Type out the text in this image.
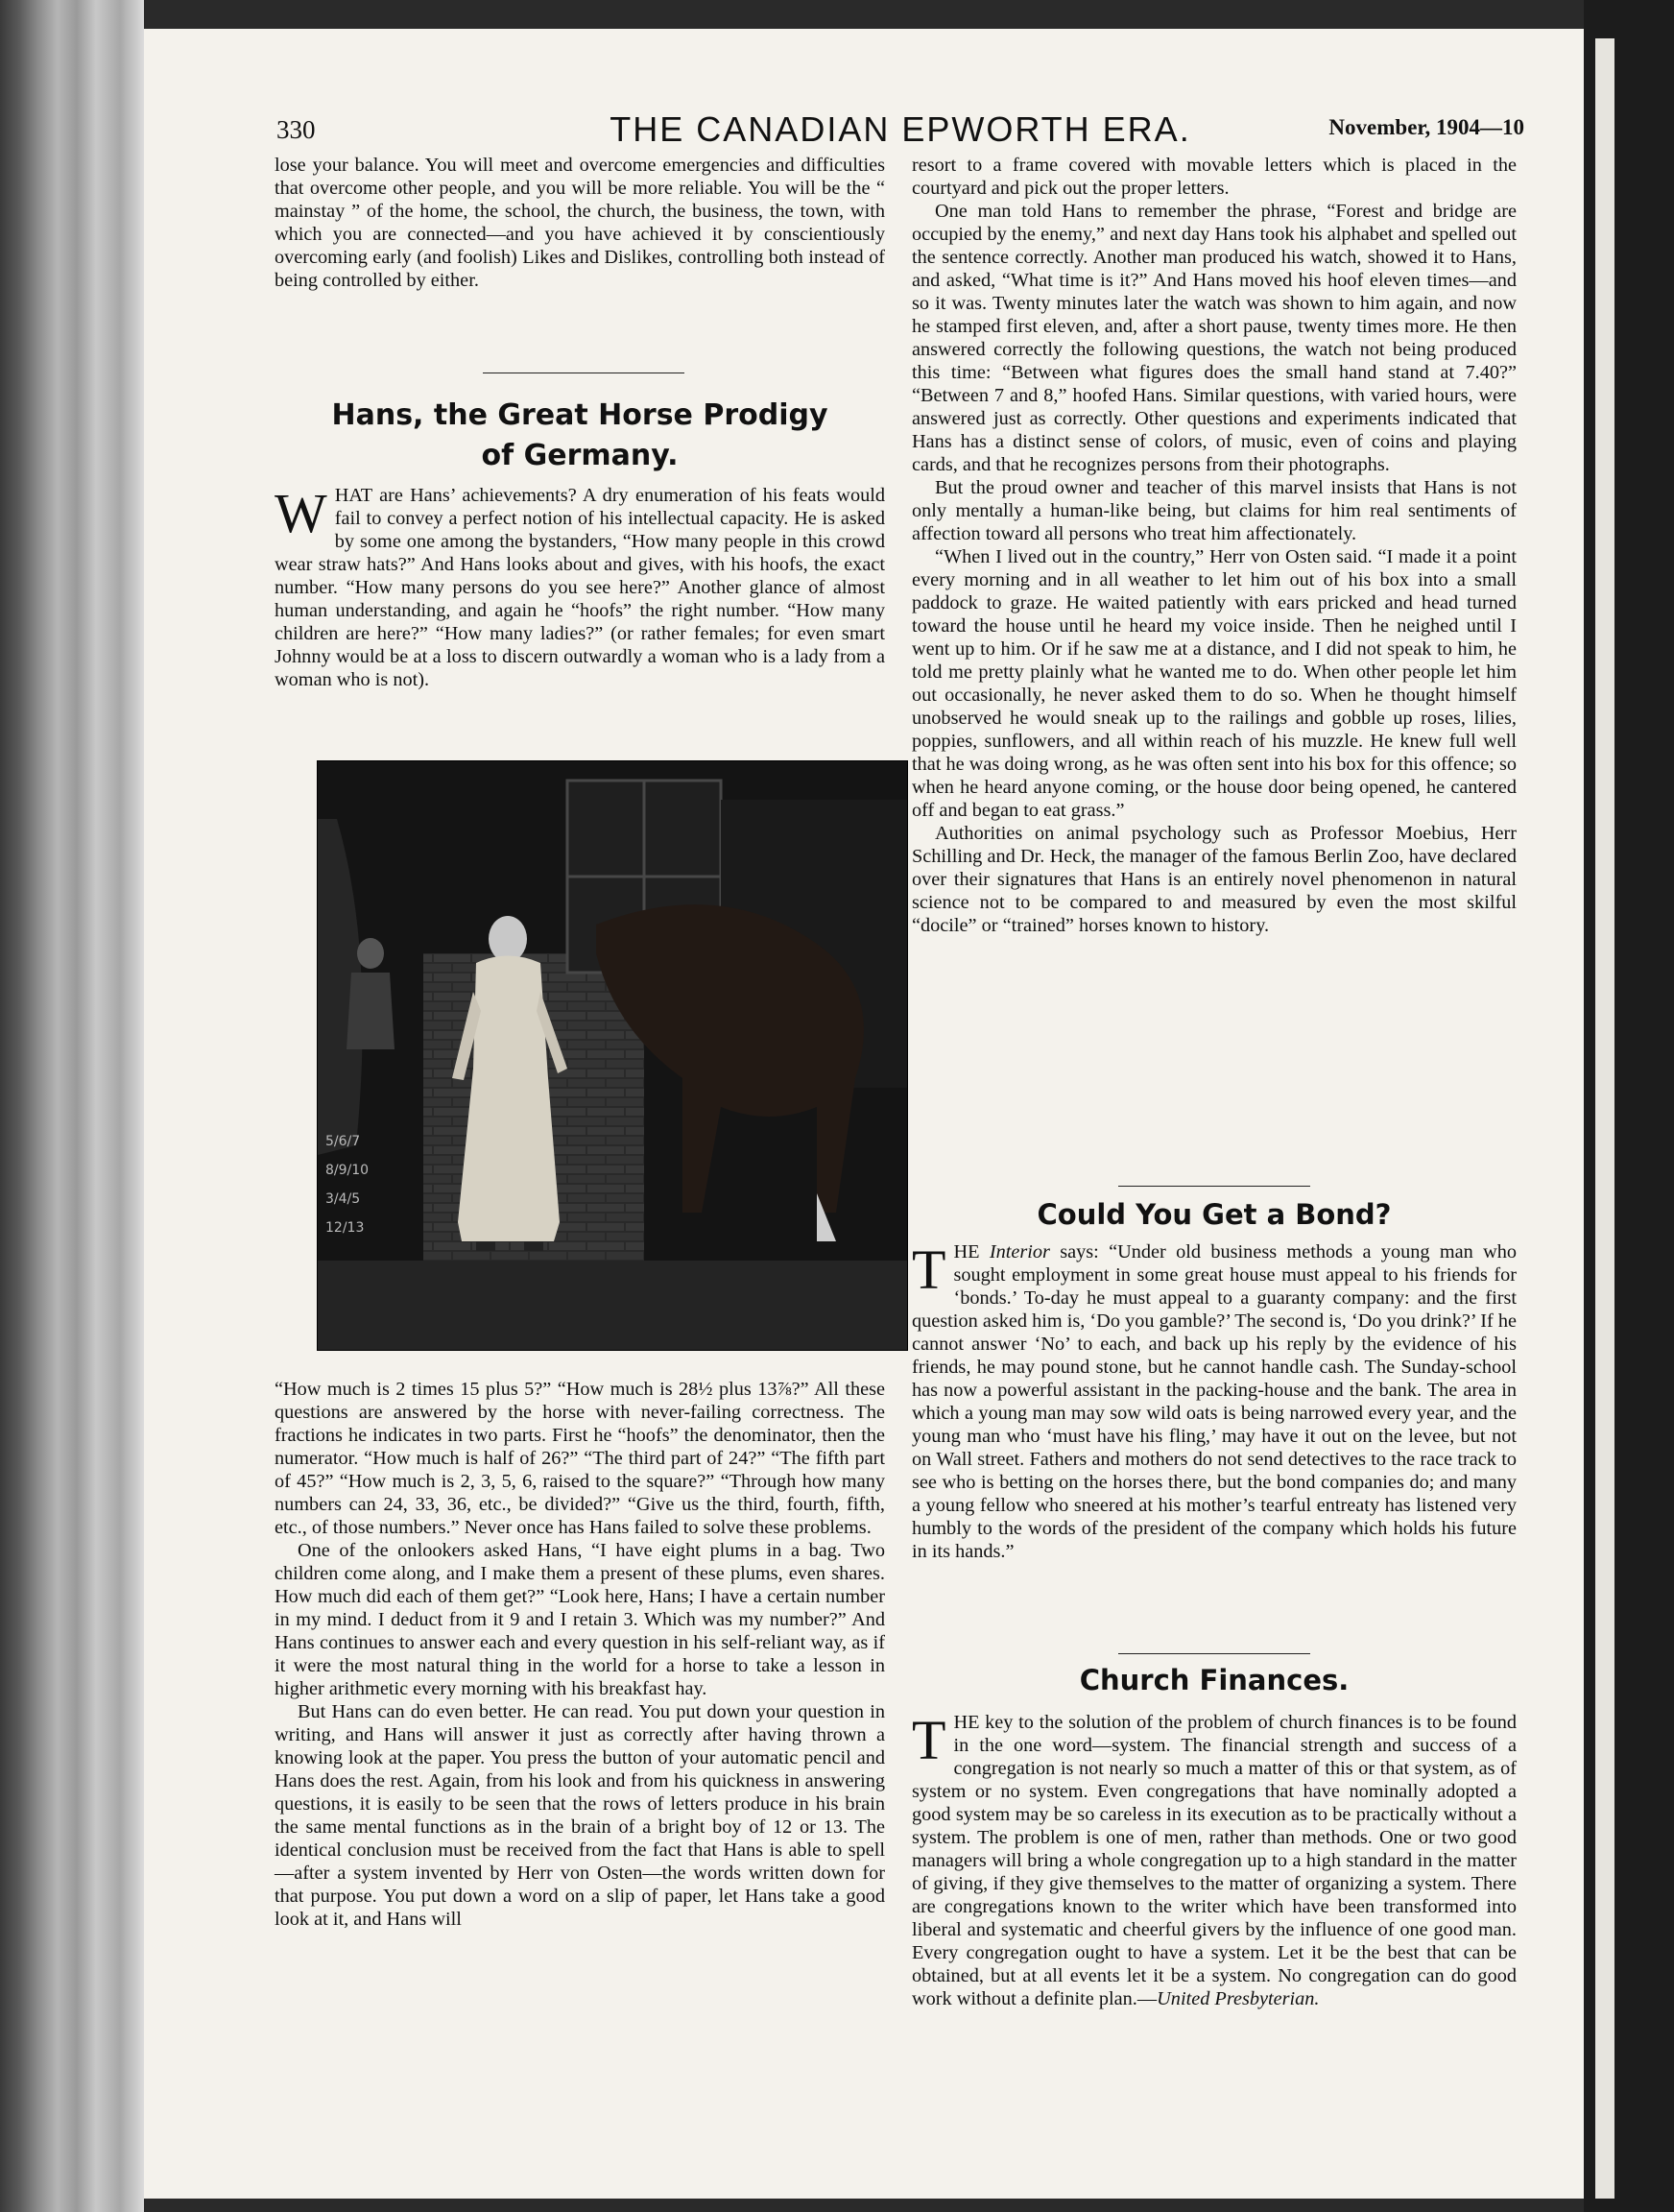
330	THE CANADIAN EPWORTH ERA.	November, 1904—10

lose your balance. You will meet and overcome emergencies and difficulties that overcome other people, and you will be more reliable. You will be the “ mainstay ” of the home, the school, the church, the business, the town, with which you are connected—and you have achieved it by conscientiously overcoming early (and foolish) Likes and Dislikes, controlling both instead of being controlled by either.

Hans, the Great Horse Prodigy
of Germany.

WHAT are Hans’ achievements? A dry enumeration of his feats would fail to convey a perfect notion of his intellectual capacity. He is asked by some one among the bystanders, “How many people in this crowd wear straw hats?” And Hans looks about and gives, with his hoofs, the exact number. “How many persons do you see here?” Another glance of almost human understanding, and again he “hoofs” the right number. “How many children are here?” “How many ladies?” (or rather females; for even smart Johnny would be at a loss to discern outwardly a woman who is a lady from a woman who is not).

5/6/7
8/9/10
3/4/5
12/13

“How much is 2 times 15 plus 5?” “How much is 28½ plus 13⅞?” All these questions are answered by the horse with never-failing correctness. The fractions he indicates in two parts. First he “hoofs” the denominator, then the numerator. “How much is half of 26?” “The third part of 24?” “The fifth part of 45?” “How much is 2, 3, 5, 6, raised to the square?” “Through how many numbers can 24, 33, 36, etc., be divided?” “Give us the third, fourth, fifth, etc., of those numbers.” Never once has Hans failed to solve these problems.

One of the onlookers asked Hans, “I have eight plums in a bag. Two children come along, and I make them a present of these plums, even shares. How much did each of them get?” “Look here, Hans; I have a certain number in my mind. I deduct from it 9 and I retain 3. Which was my number?” And Hans continues to answer each and every question in his self-reliant way, as if it were the most natural thing in the world for a horse to take a lesson in higher arithmetic every morning with his breakfast hay.

But Hans can do even better. He can read. You put down your question in writing, and Hans will answer it just as correctly after having thrown a knowing look at the paper. You press the button of your automatic pencil and Hans does the rest. Again, from his look and from his quickness in answering questions, it is easily to be seen that the rows of letters produce in his brain the same mental functions as in the brain of a bright boy of 12 or 13. The identical conclusion must be received from the fact that Hans is able to spell—after a system invented by Herr von Osten—the words written down for that purpose. You put down a word on a slip of paper, let Hans take a good look at it, and Hans will

resort to a frame covered with movable letters which is placed in the courtyard and pick out the proper letters.

One man told Hans to remember the phrase, “Forest and bridge are occupied by the enemy,” and next day Hans took his alphabet and spelled out the sentence correctly. Another man produced his watch, showed it to Hans, and asked, “What time is it?” And Hans moved his hoof eleven times—and so it was. Twenty minutes later the watch was shown to him again, and now he stamped first eleven, and, after a short pause, twenty times more. He then answered correctly the following questions, the watch not being produced this time: “Between what figures does the small hand stand at 7.40?” “Between 7 and 8,” hoofed Hans. Similar questions, with varied hours, were answered just as correctly. Other questions and experiments indicated that Hans has a distinct sense of colors, of music, even of coins and playing cards, and that he recognizes persons from their photographs.

But the proud owner and teacher of this marvel insists that Hans is not only mentally a human-like being, but claims for him real sentiments of affection toward all persons who treat him affectionately.

“When I lived out in the country,” Herr von Osten said. “I made it a point every morning and in all weather to let him out of his box into a small paddock to graze. He waited patiently with ears pricked and head turned toward the house until he heard my voice inside. Then he neighed until I went up to him. Or if he saw me at a distance, and I did not speak to him, he told me pretty plainly what he wanted me to do. When other people let him out occasionally, he never asked them to do so. When he thought himself unobserved he would sneak up to the railings and gobble up roses, lilies, poppies, sunflowers, and all within reach of his muzzle. He knew full well that he was doing wrong, as he was often sent into his box for this offence; so when he heard anyone coming, or the house door being opened, he cantered off and began to eat grass.”

Authorities on animal psychology such as Professor Moebius, Herr Schilling and Dr. Heck, the manager of the famous Berlin Zoo, have declared over their signatures that Hans is an entirely novel phenomenon in natural science not to be compared to and measured by even the most skilful “docile” or “trained” horses known to history.

Could You Get a Bond?

THE Interior says: “Under old business methods a young man who sought employment in some great house must appeal to his friends for ‘bonds.’ To-day he must appeal to a guaranty company: and the first question asked him is, ‘Do you gamble?’ The second is, ‘Do you drink?’ If he cannot answer ‘No’ to each, and back up his reply by the evidence of his friends, he may pound stone, but he cannot handle cash. The Sunday-school has now a powerful assistant in the packing-house and the bank. The area in which a young man may sow wild oats is being narrowed every year, and the young man who ‘must have his fling,’ may have it out on the levee, but not on Wall street. Fathers and mothers do not send detectives to the race track to see who is betting on the horses there, but the bond companies do; and many a young fellow who sneered at his mother’s tearful entreaty has listened very humbly to the words of the president of the company which holds his future in its hands.”

Church Finances.

THE key to the solution of the problem of church finances is to be found in the one word—system. The financial strength and success of a congregation is not nearly so much a matter of this or that system, as of system or no system. Even congregations that have nominally adopted a good system may be so careless in its execution as to be practically without a system. The problem is one of men, rather than methods. One or two good managers will bring a whole congregation up to a high standard in the matter of giving, if they give themselves to the matter of organizing a system. There are congregations known to the writer which have been transformed into liberal and systematic and cheerful givers by the influence of one good man. Every congregation ought to have a system. Let it be the best that can be obtained, but at all events let it be a system. No congregation can do good work without a definite plan.—United Presbyterian.
